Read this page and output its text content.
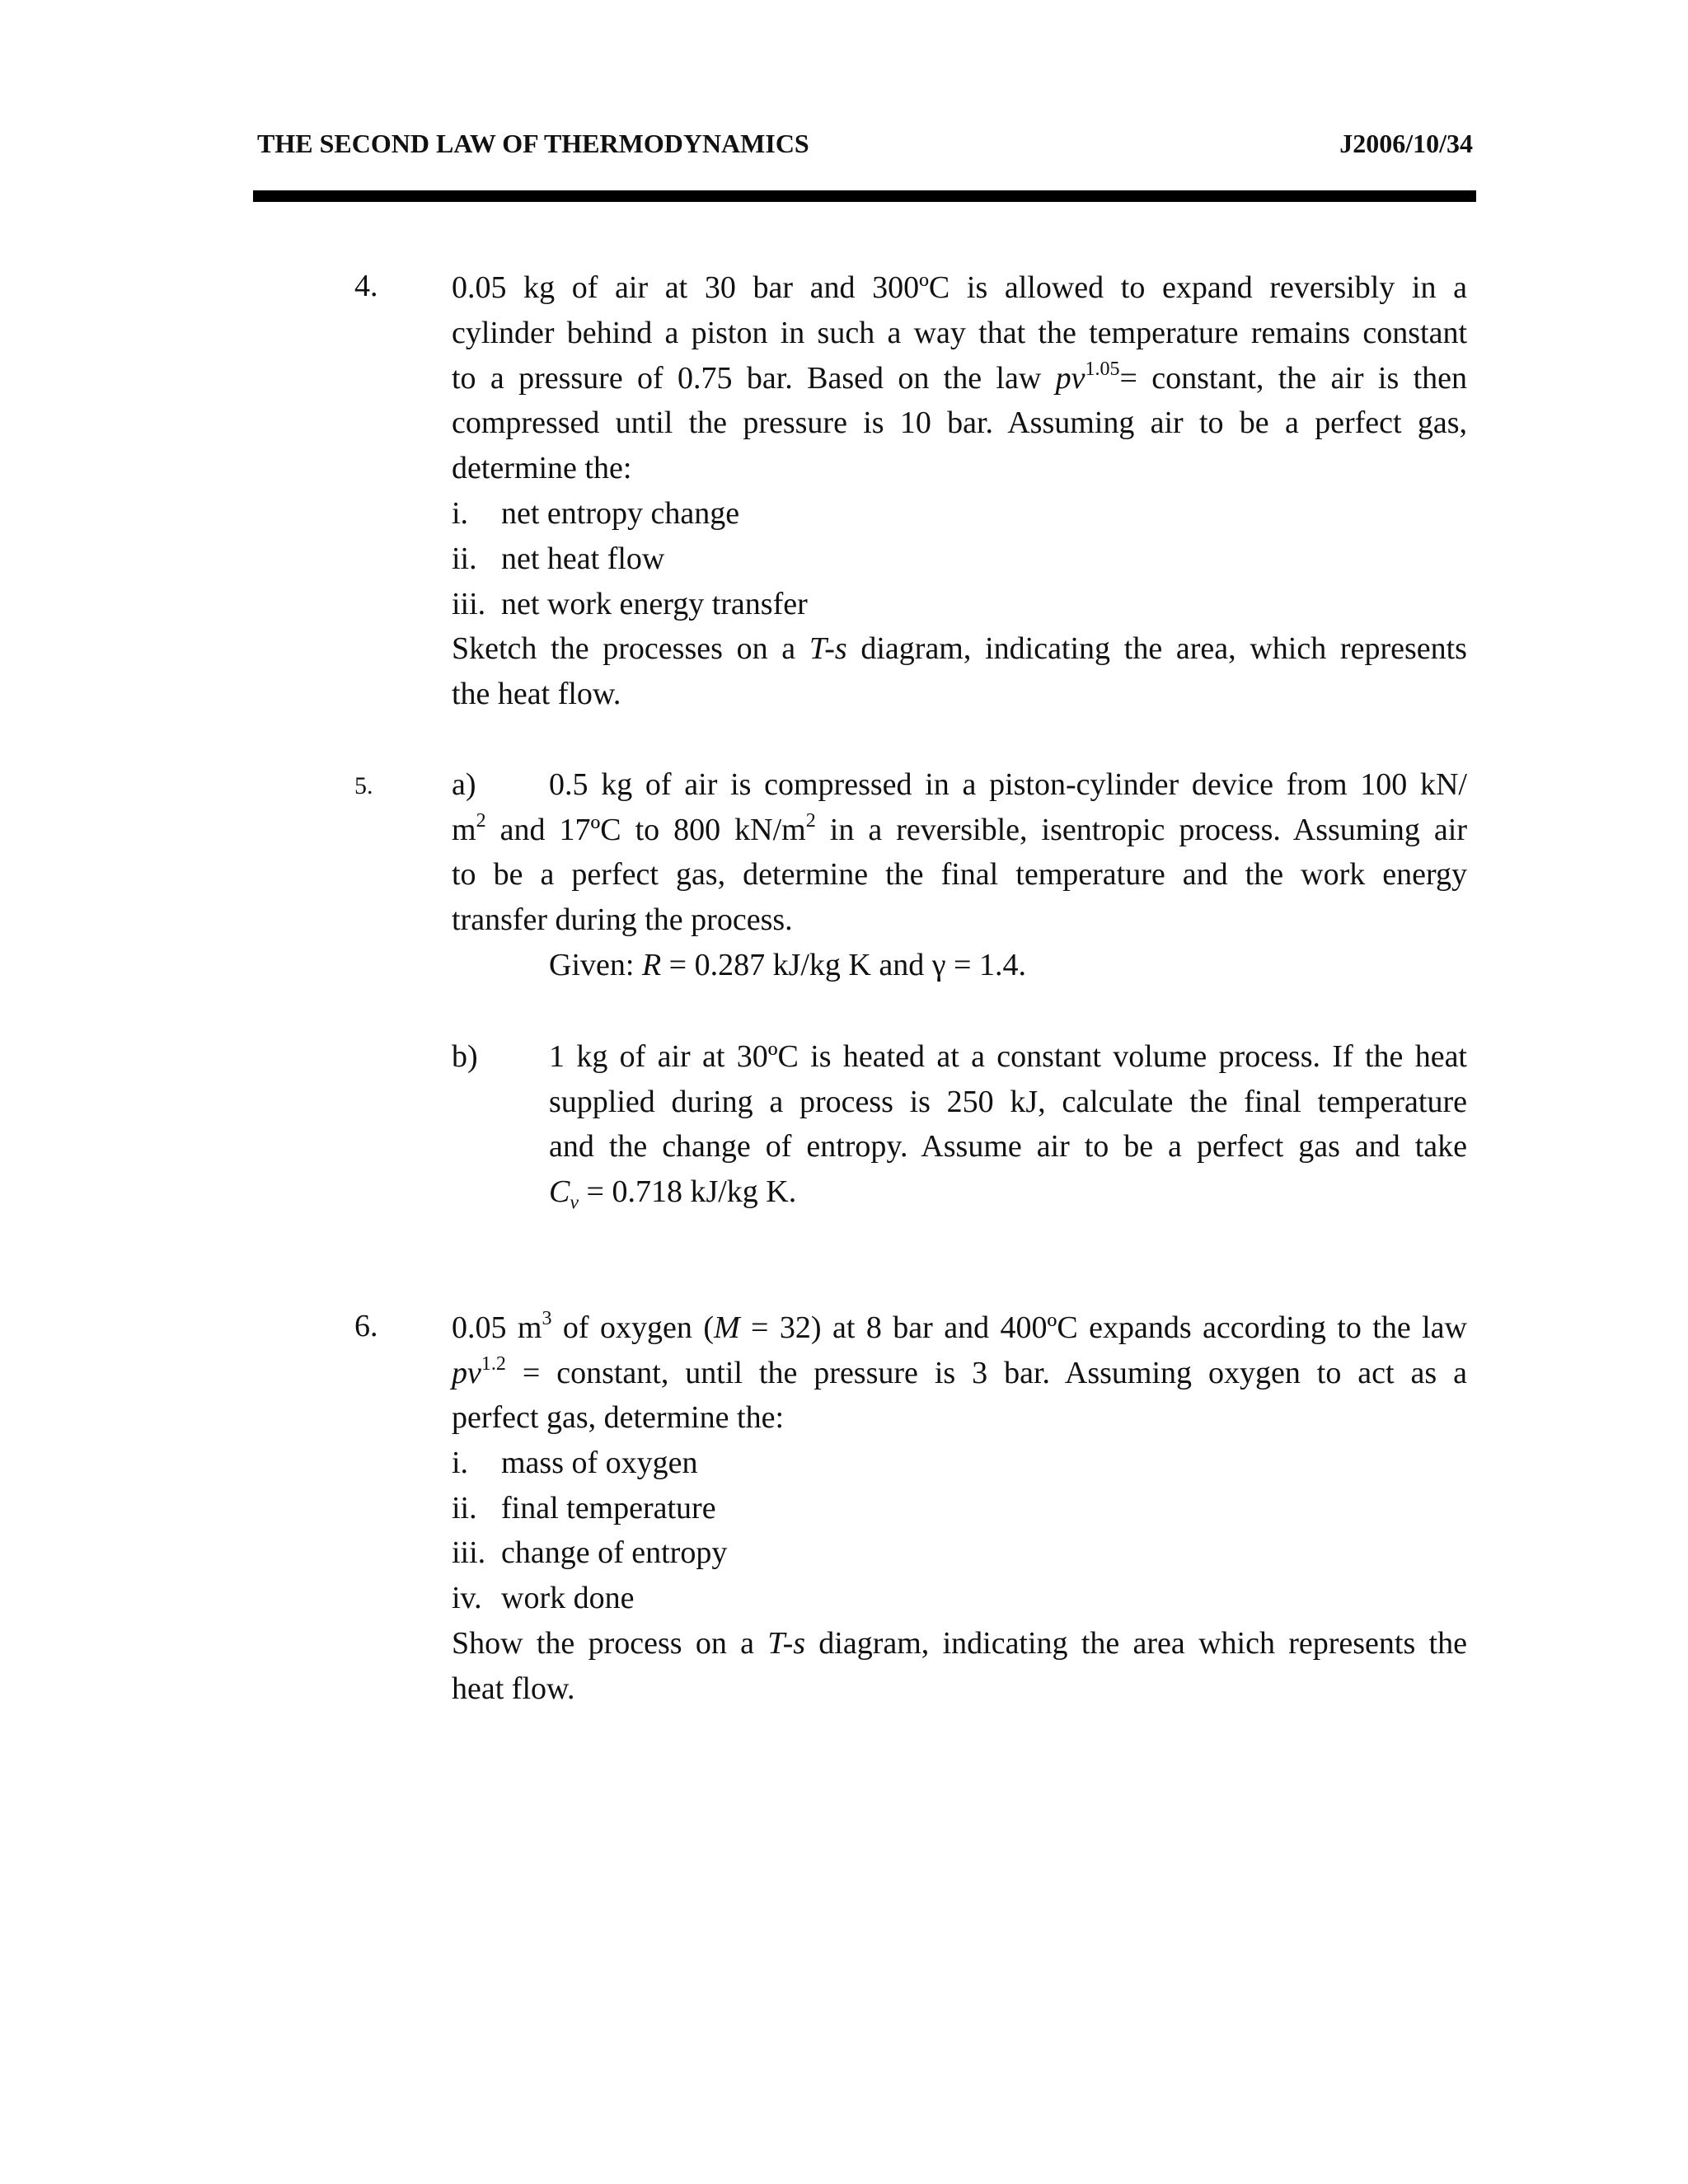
THE SECOND LAW OF THERMODYNAMICS	J2006/10/34
4. 0.05 kg of air at 30 bar and 300ºC is allowed to expand reversibly in a
cylinder behind a piston in such a way that the temperature remains constant
to a pressure of 0.75 bar. Based on the law $pv^{1.05}=$ constant, the air is then
compressed until the pressure is 10 bar. Assuming air to be a perfect gas,
determine the:
i. net entropy change
ii. net heat flow
iii. net work energy transfer
Sketch the processes on a T-s diagram, indicating the area, which represents
the heat flow.
5.	a) 0.5 kg of air is compressed in a piston-cylinder device from 100 kN/
$m^2$ and 17ºC to 800 $kN/m^2$ in a reversible, isentropic process. Assuming air
to be a perfect gas, determine the final temperature and the work energy
transfer during the process.
Given: R = 0.287 kJ/kg K and γ = 1.4.
b) 1 kg of air at 30ºC is heated at a constant volume process. If the heat
supplied during a process is 250 kJ, calculate the final temperature
and the change of entropy. Assume air to be a perfect gas and take
$C_v = 0.718$ kJ/kg K.
6. 0.05 $m^3$ of oxygen (M = 32) at 8 bar and 400ºC expands according to the law
$pv^{1.2}$ = constant, until the pressure is 3 bar. Assuming oxygen to act as a
perfect gas, determine the:
i. mass of oxygen
ii. final temperature
iii. change of entropy
iv. work done
Show the process on a T-s diagram, indicating the area which represents the
heat flow.
